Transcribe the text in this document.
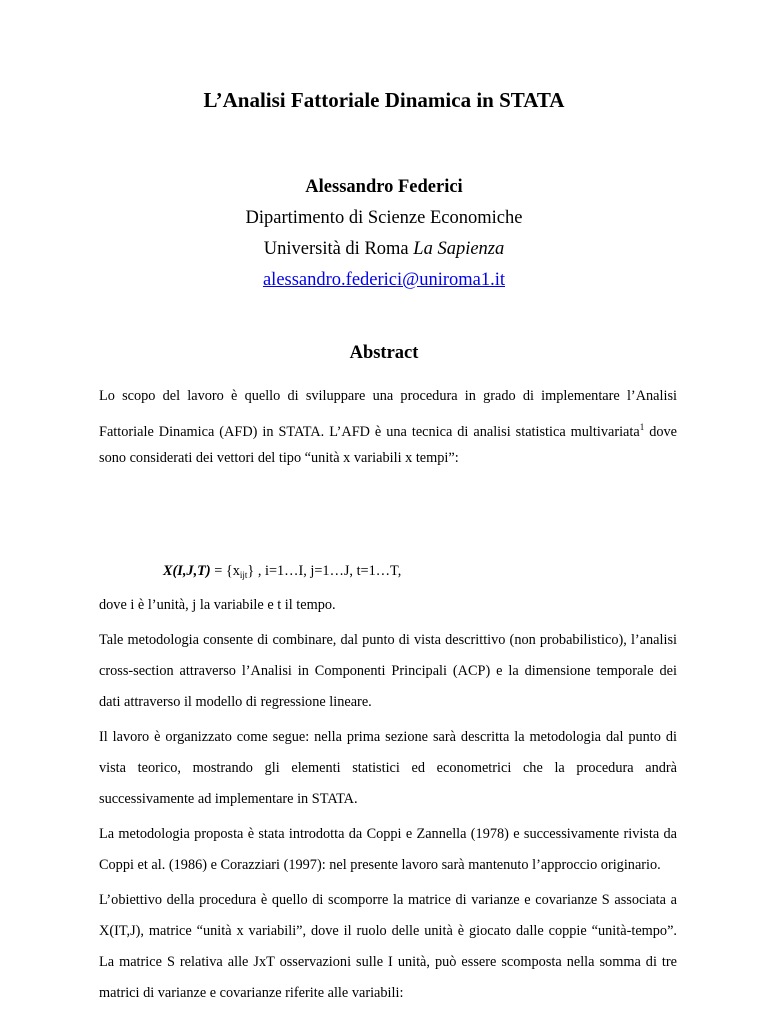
L’Analisi Fattoriale Dinamica in STATA
Alessandro Federici
Dipartimento di Scienze Economiche
Università di Roma La Sapienza
alessandro.federici@uniroma1.it
Abstract
Lo scopo del lavoro è quello di sviluppare una procedura in grado di implementare l’Analisi
Fattoriale Dinamica (AFD) in STATA. L’AFD è una tecnica di analisi statistica multivariata$^1$ dove
sono considerati dei vettori del tipo “unità x variabili x tempi”:
$X(I,J,T) = \{x_{ijt}\}$ , i=1…I, j=1…J, t=1…T,
dove i è l’unità, j la variabile e t il tempo.
Tale metodologia consente di combinare, dal punto di vista descrittivo (non probabilistico), l’analisi
cross-section attraverso l’Analisi in Componenti Principali (ACP) e la dimensione temporale dei
dati attraverso il modello di regressione lineare.
Il lavoro è organizzato come segue: nella prima sezione sarà descritta la metodologia dal punto di
vista teorico, mostrando gli elementi statistici ed econometrici che la procedura andrà
successivamente ad implementare in STATA.
La metodologia proposta è stata introdotta da Coppi e Zannella (1978) e successivamente rivista da
Coppi et al. (1986) e Corazziari (1997): nel presente lavoro sarà mantenuto l’approccio originario.
L’obiettivo della procedura è quello di scomporre la matrice di varianze e covarianze S associata a
X(IT,J), matrice “unità x variabili”, dove il ruolo delle unità è giocato dalle coppie “unità-tempo”.
La matrice S relativa alle JxT osservazioni sulle I unità, può essere scomposta nella somma di tre
matrici di varianze e covarianze riferite alle variabili:
